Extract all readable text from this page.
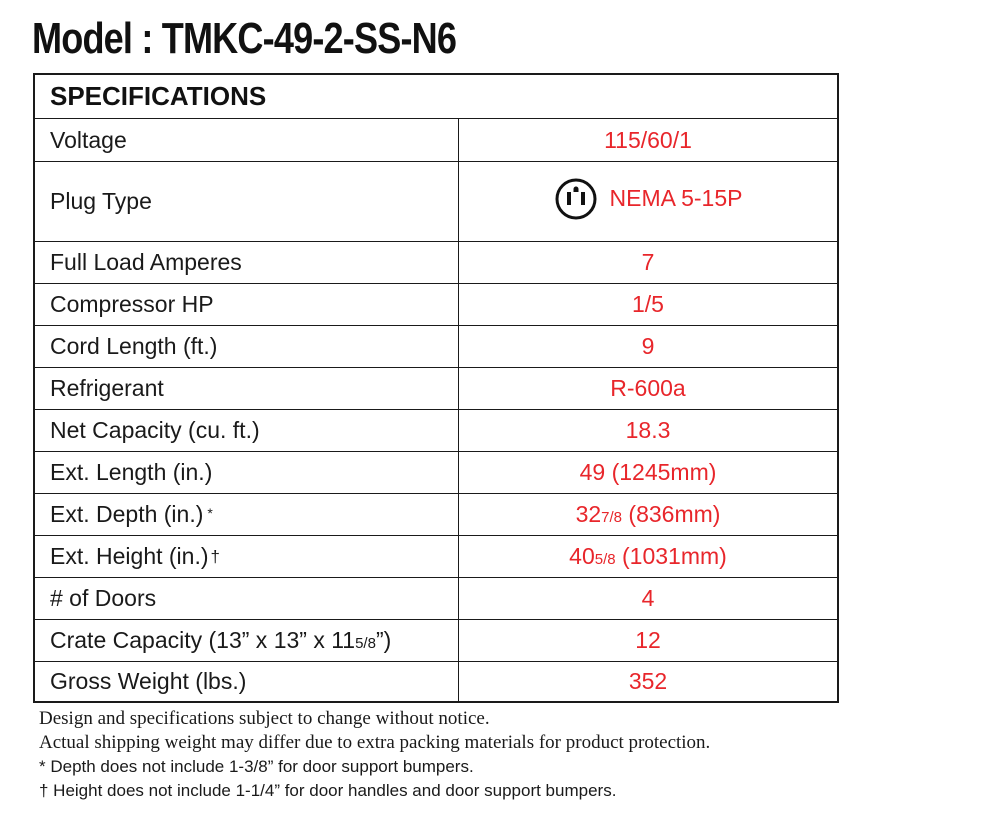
Model : TMKC-49-2-SS-N6
SPECIFICATIONS	
Voltage	115/60/1
Plug Type	NEMA 5-15P

Full Load Amperes	7
Compressor HP	1/5
Cord Length (ft.)	9
Refrigerant	R-600a
Net Capacity (cu. ft.)	18.3
Ext. Length (in.)	49 (1245mm)
Ext. Depth (in.) *	327/8 (836mm)
Ext. Height (in.) †	405/8 (1031mm)
# of Doors	4
Crate Capacity (13” x 13” x 115/8”)	12
Gross Weight (lbs.)	352
Design and specifications subject to change without notice.
Actual shipping weight may differ due to extra packing materials for product protection.
* Depth does not include 1-3/8” for door support bumpers.
† Height does not include 1-1/4” for door handles and door support bumpers.
